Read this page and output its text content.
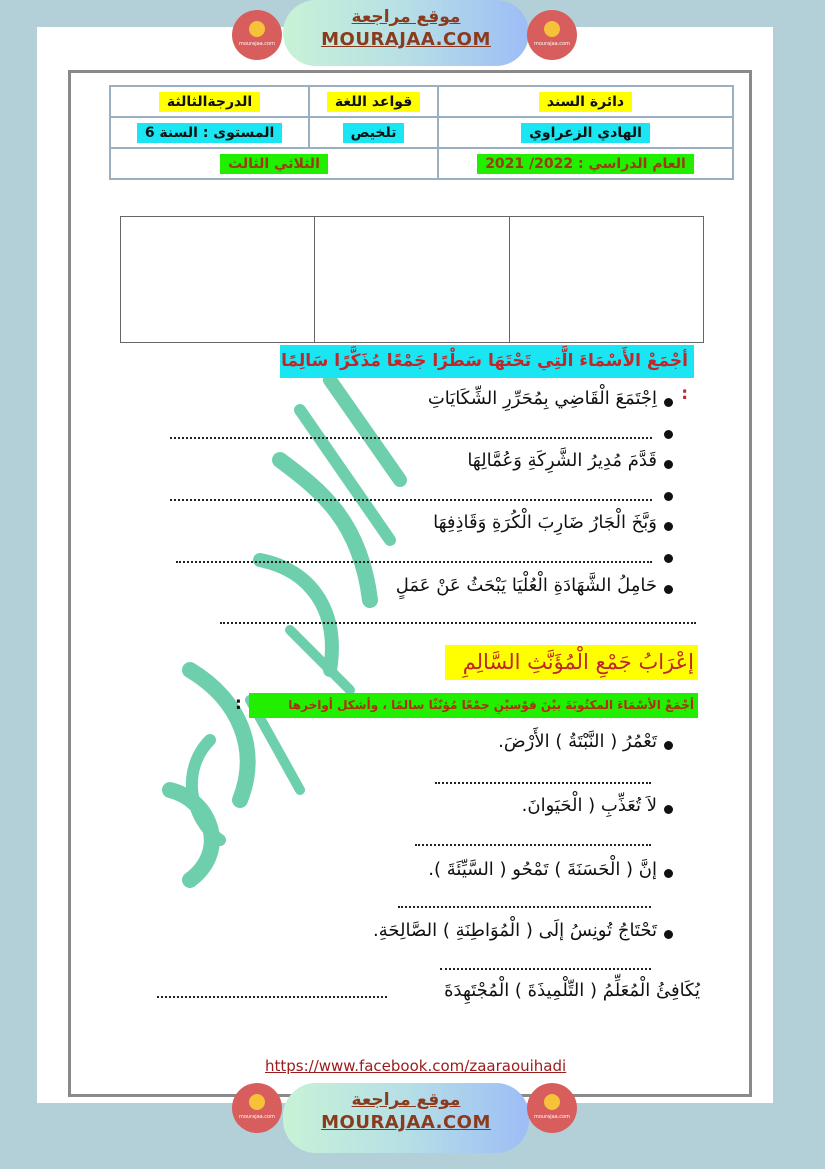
mourajaa.com
موقع مراجعة
MOURAJAA.COM	mourajaa.com
دائرة السند	قواعد اللغة	الدرجةالثالثة
الهادي الزعراوي	تلخيص	المستوى : السنة 6
العام الدراسي : 2022/ 2021	الثلاثي الثالث	
أجْمَعْ الأَسْمَاءَ الَّتِي تَحْتَهَا سَطْرًا جَمْعًا مُذَكَّرًا سَالِمًا :
اِجْتَمَعَ الْقَاضِي بِمُحَرِّرِ الشِّكَايَاتِ
قَدَّمَ مُدِيرُ الشَّرِكَةِ وَعُمَّالِهَا
وَبَّخَ الْجَارُ ضَارِبَ الْكُرَةِ وَقَاذِفِهَا
حَامِلُ الشَّهَادَةِ الْعُلْيَا يَبْحَثُ عَنْ عَمَلٍ
إعْرَابُ جَمْعِ الْمُؤَنَّثِ السَّالِمِ
أجْمَعْ الأسْمَاءَ المكتُوبَةَ بيْنَ قوْسيْنِ جمْعًا مُؤنّثًا سالمًا ، وأشكل أواخرها
:
تَعْمُرُ ( النَّبْتَةُ ) الأَرْضَ.
لاَ تُعَذِّبِ ( الْحَيَوانَ.
إنَّ ( الْحَسَنَةَ ) تَمْحُو ( السَّيِّئَةَ ).
تَحْتَاجُ تُونِسُ إلَى ( الْمُوَاطِنَةِ ) الصَّالِحَةِ.
يُكَافِئُ الْمُعَلِّمُ ( التِّلْمِيذَةَ ) الْمُجْتَهِدَةَ
https://www.facebook.com/zaaraouihadi
mourajaa.com
موقع مراجعة
MOURAJAA.COM	mourajaa.com
